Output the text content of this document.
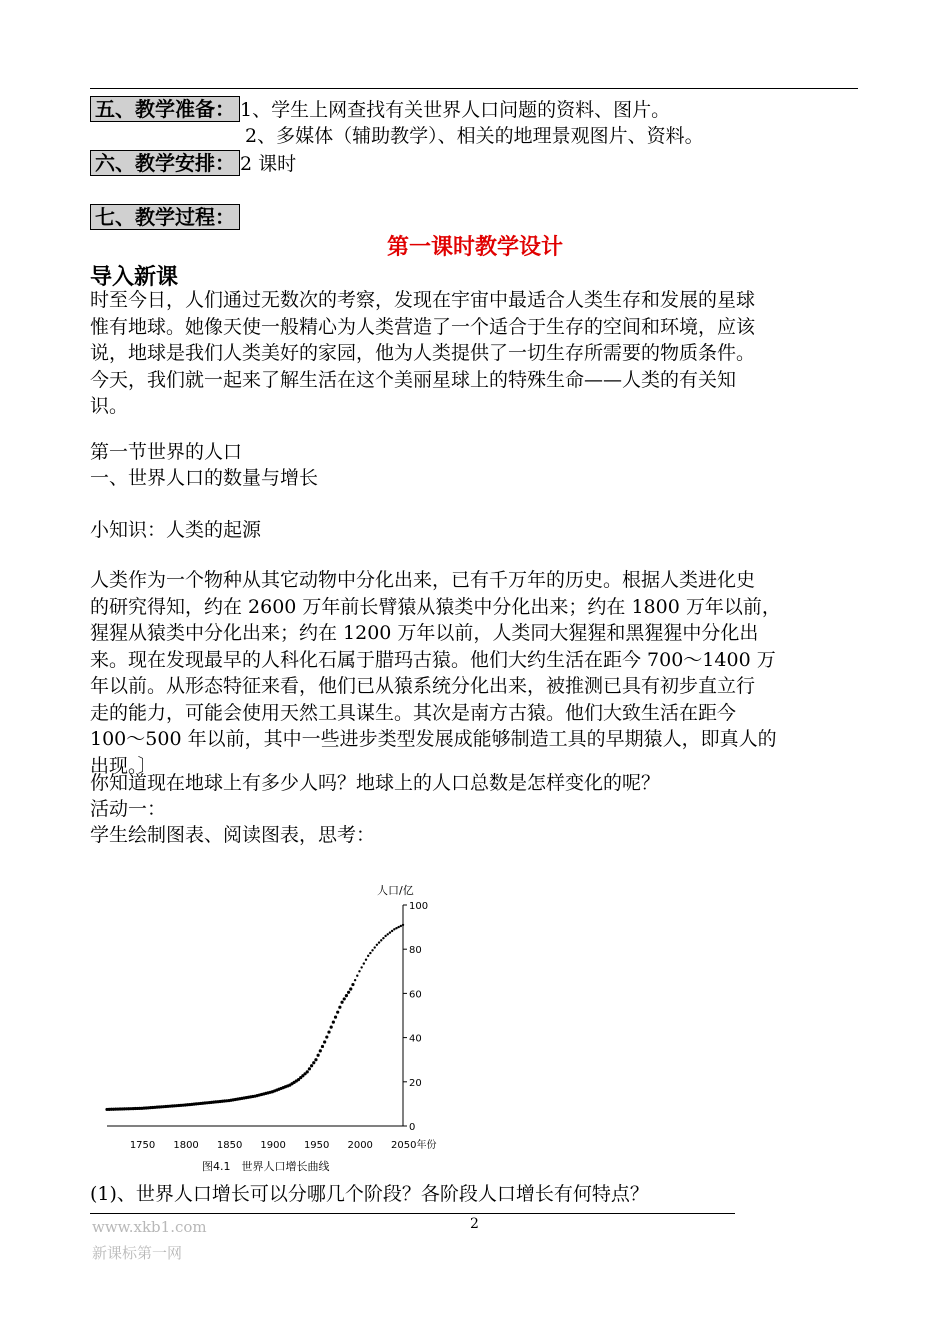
五、教学准备： 1、学生上网查找有关世界人口问题的资料、图片。
2、多媒体（辅助教学）、相关的地理景观图片、资料。
六、教学安排： 2 课时
七、教学过程：
第一课时教学设计
导入新课

时至今日，人们通过无数次的考察，发现在宇宙中最适合人类生存和发展的星球

惟有地球。她像天使一般精心为人类营造了一个适合于生存的空间和环境，应该

说，地球是我们人类美好的家园，他为人类提供了一切生存所需要的物质条件。

今天，我们就一起来了解生活在这个美丽星球上的特殊生命——人类的有关知

识。

第一节世界的人口
一、世界人口的数量与增长
小知识：人类的起源

人类作为一个物种从其它动物中分化出来，已有千万年的历史。根据人类进化史

的研究得知，约在 2600 万年前长臂猿从猿类中分化出来；约在 1800 万年以前，

猩猩从猿类中分化出来；约在 1200 万年以前，人类同大猩猩和黑猩猩中分化出

来。现在发现最早的人科化石属于腊玛古猿。他们大约生活在距今 700～1400 万

年以前。从形态特征来看，他们已从猿系统分化出来，被推测已具有初步直立行

走的能力，可能会使用天然工具谋生。其次是南方古猿。他们大致生活在距今

100～500 年以前，其中一些进步类型发展成能够制造工具的早期猿人，即真人的

出现。〕

你知道现在地球上有多少人吗？地球上的人口总数是怎样变化的呢？
活动一：
学生绘制图表、阅读图表，思考：
人口/亿
0
20
40
60
80
100
1750 1800 1850 1900 1950 2000 2050年份
图4.1　世界人口增长曲线
(1)、世界人口增长可以分哪几个阶段？各阶段人口增长有何特点？
2
www.xkb1.com
新课标第一网
